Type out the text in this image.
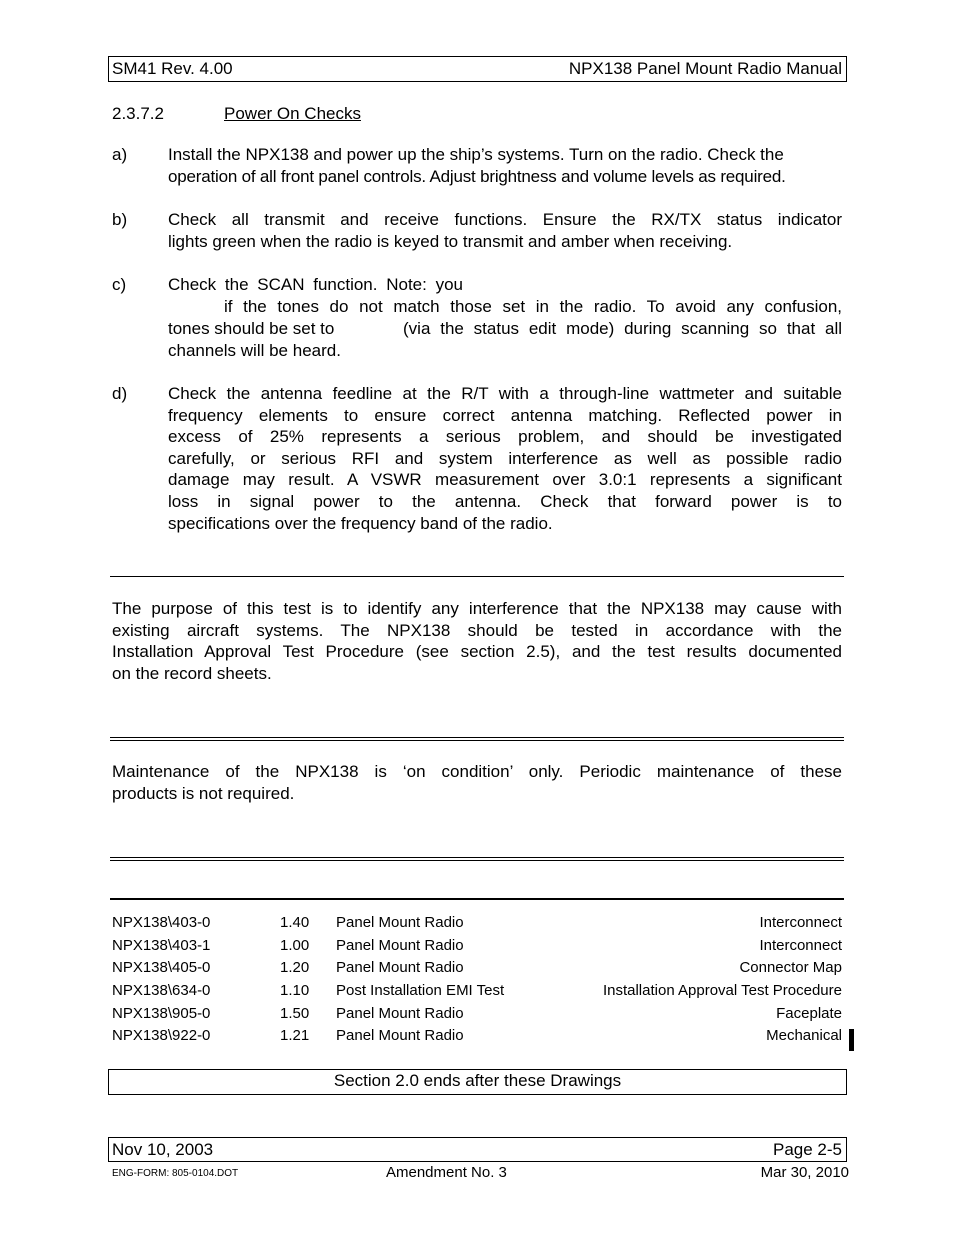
SM41 Rev. 4.00	NPX138 Panel Mount Radio Manual
2.3.7.2	Power On Checks
a) Install the NPX138 and power up the ship’s systems. Turn on the radio. Check the
operation of all front panel controls. Adjust brightness and volume levels as required.
b) Check all transmit and receive functions. Ensure the RX/TX status indicator
lights green when the radio is keyed to transmit and amber when receiving.
c) Check the SCAN function. Note: you
if the tones do not match those set in the radio. To avoid any confusion,
tones should be set to	(via the status edit mode) during scanning so that all
channels will be heard.
d) Check the antenna feedline at the R/T with a through-line wattmeter and suitable
frequency elements to ensure correct antenna matching. Reflected power in
excess of 25% represents a serious problem, and should be investigated
carefully, or serious RFI and system interference as well as possible radio
damage may result. A VSWR measurement over 3.0:1 represents a significant
loss in signal power to the antenna. Check that forward power is to
specifications over the frequency band of the radio.
The purpose of this test is to identify any interference that the NPX138 may cause with
existing aircraft systems. The NPX138 should be tested in accordance with the
Installation Approval Test Procedure (see section 2.5), and the test results documented
on the record sheets.
Maintenance of the NPX138 is ‘on condition’ only. Periodic maintenance of these
products is not required.
NPX138\403-0	1.40 Panel Mount Radio	Interconnect
NPX138\403-1	1.00 Panel Mount Radio	Interconnect
NPX138\405-0	1.20 Panel Mount Radio	Connector Map
NPX138\634-0	1.10 Post Installation EMI Test	Installation Approval Test Procedure
NPX138\905-0	1.50 Panel Mount Radio	Faceplate
NPX138\922-0	1.21 Panel Mount Radio	Mechanical
Section 2.0 ends after these Drawings
Nov 10, 2003	Page 2-5
ENG-FORM: 805-0104.DOT	Amendment No. 3	Mar 30, 2010
